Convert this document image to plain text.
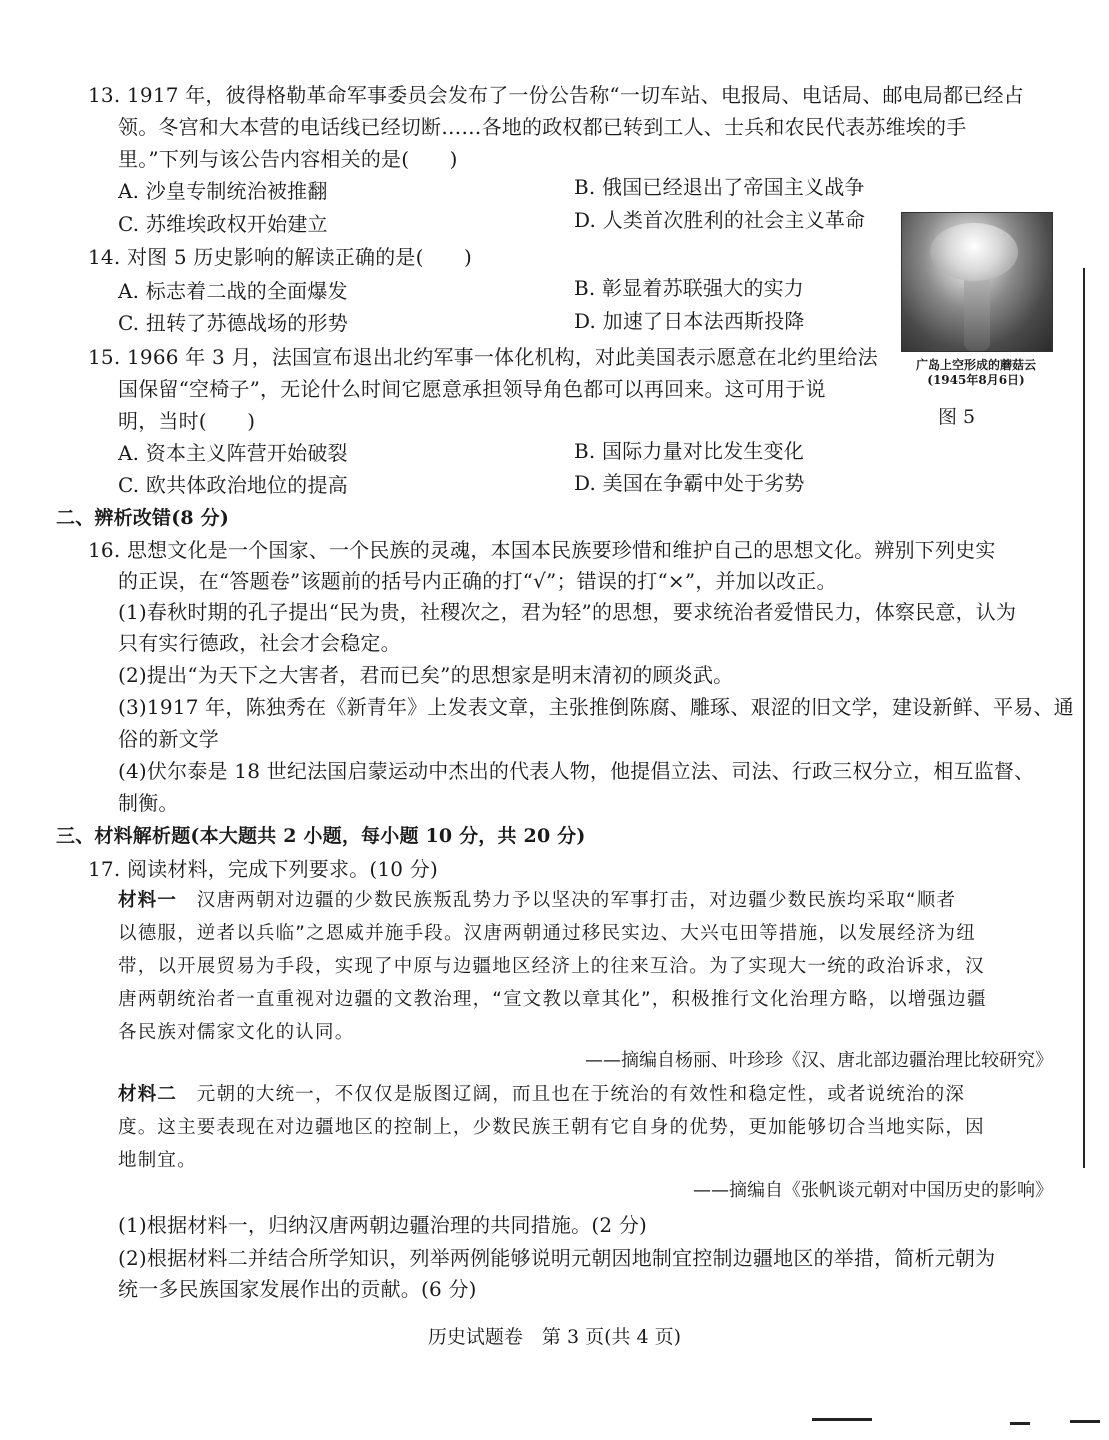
13. 1917 年，彼得格勒革命军事委员会发布了一份公告称“一切车站、电报局、电话局、邮电局都已经占
领。冬宫和大本营的电话线已经切断……各地的政权都已转到工人、士兵和农民代表苏维埃的手
里。”下列与该公告内容相关的是(　　)
A. 沙皇专制统治被推翻	B. 俄国已经退出了帝国主义战争
C. 苏维埃政权开始建立	D. 人类首次胜利的社会主义革命
14. 对图 5 历史影响的解读正确的是(　　)
A. 标志着二战的全面爆发	B. 彰显着苏联强大的实力
C. 扭转了苏德战场的形势	D. 加速了日本法西斯投降
广岛上空形成的蘑菇云
(1945年8月6日)
图 5
15. 1966 年 3 月，法国宣布退出北约军事一体化机构，对此美国表示愿意在北约里给法
国保留“空椅子”，无论什么时间它愿意承担领导角色都可以再回来。这可用于说
明，当时(　　)
A. 资本主义阵营开始破裂	B. 国际力量对比发生变化
C. 欧共体政治地位的提高	D. 美国在争霸中处于劣势
二、辨析改错(8 分)
16. 思想文化是一个国家、一个民族的灵魂，本国本民族要珍惜和维护自己的思想文化。辨别下列史实
的正误，在“答题卷”该题前的括号内正确的打“√”；错误的打“×”，并加以改正。
(1)春秋时期的孔子提出“民为贵，社稷次之，君为轻”的思想，要求统治者爱惜民力，体察民意，认为
只有实行德政，社会才会稳定。
(2)提出“为天下之大害者，君而已矣”的思想家是明末清初的顾炎武。
(3)1917 年，陈独秀在《新青年》上发表文章，主张推倒陈腐、雕琢、艰涩的旧文学，建设新鲜、平易、通
俗的新文学
(4)伏尔泰是 18 世纪法国启蒙运动中杰出的代表人物，他提倡立法、司法、行政三权分立，相互监督、
制衡。
三、材料解析题(本大题共 2 小题，每小题 10 分，共 20 分)
17. 阅读材料，完成下列要求。(10 分)
材料一　汉唐两朝对边疆的少数民族叛乱势力予以坚决的军事打击，对边疆少数民族均采取“顺者
以德服，逆者以兵临”之恩威并施手段。汉唐两朝通过移民实边、大兴屯田等措施，以发展经济为纽
带，以开展贸易为手段，实现了中原与边疆地区经济上的往来互洽。为了实现大一统的政治诉求，汉
唐两朝统治者一直重视对边疆的文教治理，“宣文教以章其化”，积极推行文化治理方略，以增强边疆
各民族对儒家文化的认同。
——摘编自杨丽、叶珍珍《汉、唐北部边疆治理比较研究》
材料二　元朝的大统一，不仅仅是版图辽阔，而且也在于统治的有效性和稳定性，或者说统治的深
度。这主要表现在对边疆地区的控制上，少数民族王朝有它自身的优势，更加能够切合当地实际，因
地制宜。
——摘编自《张帆谈元朝对中国历史的影响》
(1)根据材料一，归纳汉唐两朝边疆治理的共同措施。(2 分)
(2)根据材料二并结合所学知识，列举两例能够说明元朝因地制宜控制边疆地区的举措，简析元朝为
统一多民族国家发展作出的贡献。(6 分)
历史试题卷　第 3 页(共 4 页)
